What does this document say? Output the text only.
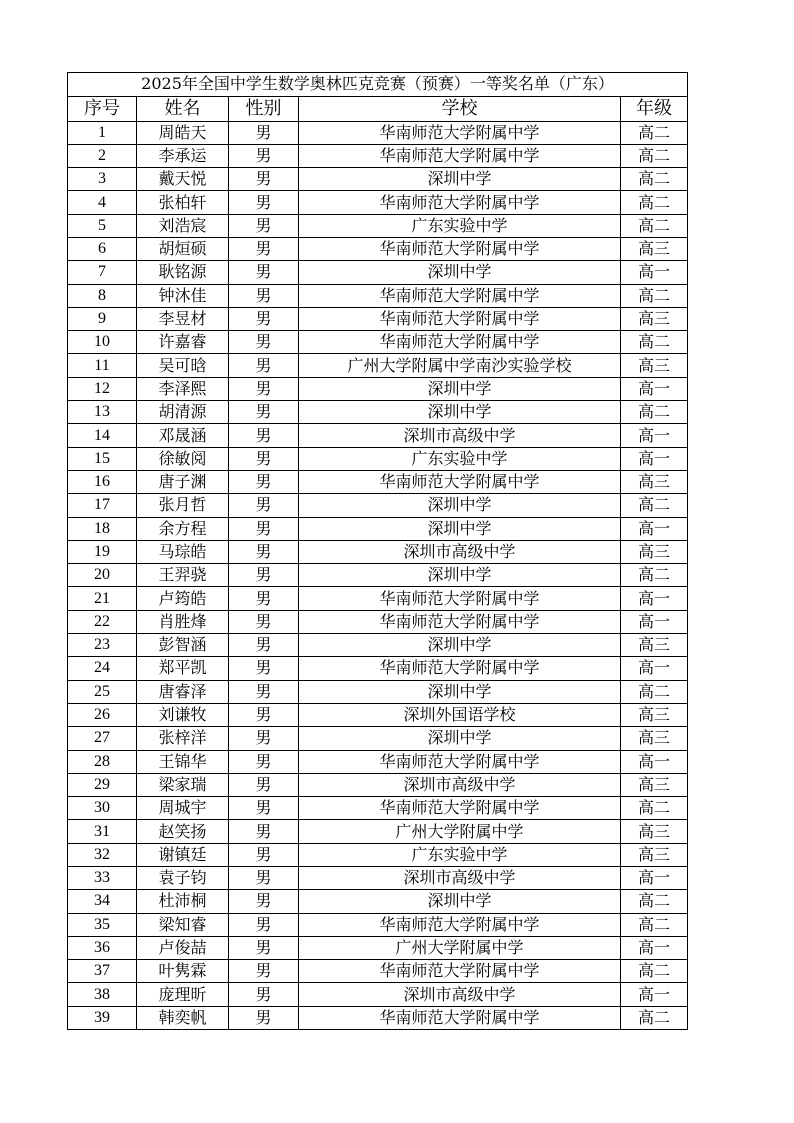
2025年全国中学生数学奥林匹克竞赛（预赛）一等奖名单（广东）				
序号	姓名	性别	学校	年级
1	周皓天	男	华南师范大学附属中学	高二
2	李承运	男	华南师范大学附属中学	高二
3	戴天悦	男	深圳中学	高二
4	张柏轩	男	华南师范大学附属中学	高二
5	刘浩宸	男	广东实验中学	高二
6	胡烜硕	男	华南师范大学附属中学	高三
7	耿铭源	男	深圳中学	高一
8	钟沐佳	男	华南师范大学附属中学	高二
9	李昱材	男	华南师范大学附属中学	高三
10	许嘉睿	男	华南师范大学附属中学	高二
11	吴可晗	男	广州大学附属中学南沙实验学校	高三
12	李泽熙	男	深圳中学	高一
13	胡清源	男	深圳中学	高二
14	邓晟涵	男	深圳市高级中学	高一
15	徐敏阅	男	广东实验中学	高一
16	唐子渊	男	华南师范大学附属中学	高三
17	张月哲	男	深圳中学	高二
18	余方程	男	深圳中学	高一
19	马琮皓	男	深圳市高级中学	高三
20	王羿骁	男	深圳中学	高二
21	卢筠皓	男	华南师范大学附属中学	高一
22	肖胜烽	男	华南师范大学附属中学	高一
23	彭智涵	男	深圳中学	高三
24	郑平凯	男	华南师范大学附属中学	高一
25	唐睿泽	男	深圳中学	高二
26	刘谦牧	男	深圳外国语学校	高三
27	张梓洋	男	深圳中学	高三
28	王锦华	男	华南师范大学附属中学	高一
29	梁家瑞	男	深圳市高级中学	高三
30	周城宇	男	华南师范大学附属中学	高二
31	赵笑扬	男	广州大学附属中学	高三
32	谢镇廷	男	广东实验中学	高三
33	袁子钧	男	深圳市高级中学	高一
34	杜沛桐	男	深圳中学	高二
35	梁知睿	男	华南师范大学附属中学	高二
36	卢俊喆	男	广州大学附属中学	高一
37	叶隽霖	男	华南师范大学附属中学	高二
38	庞理昕	男	深圳市高级中学	高一
39	韩奕帆	男	华南师范大学附属中学	高二
